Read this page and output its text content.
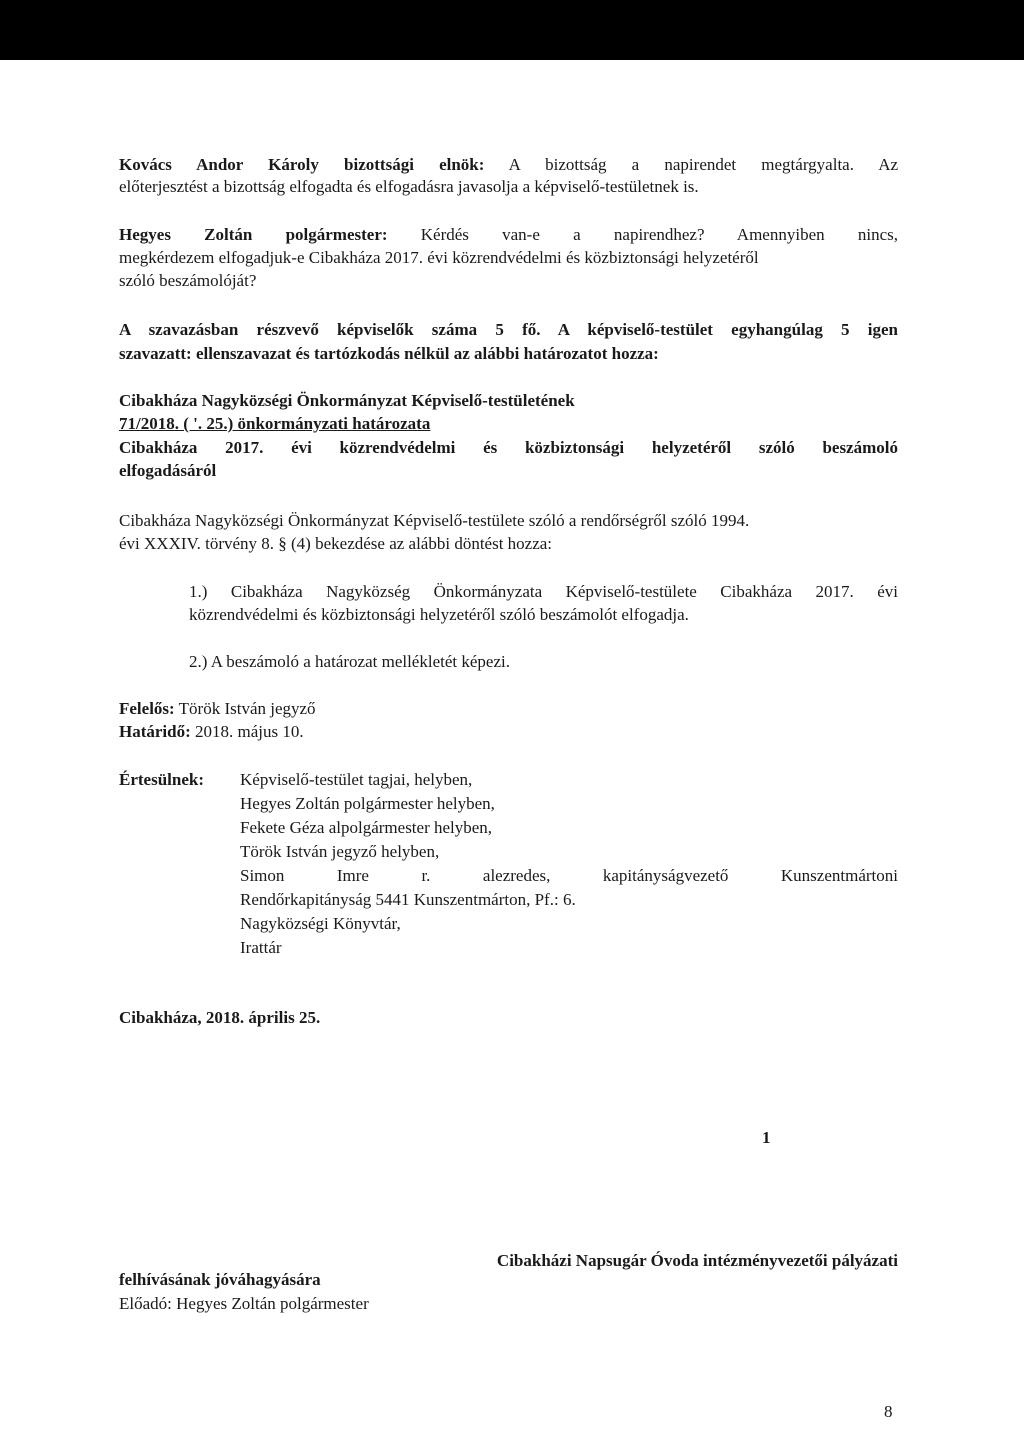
Kovács Andor Károly bizottsági elnök: A bizottság a napirendet megtárgyalta. Az
előterjesztést a bizottság elfogadta és elfogadásra javasolja a képviselő-testületnek is.
Hegyes Zoltán polgármester: Kérdés van-e a napirendhez? Amennyiben nincs,
megkérdezem elfogadjuk-e Cibakháza 2017. évi közrendvédelmi és közbiztonsági helyzetéről
szóló beszámolóját?
A szavazásban részvevő képviselők száma 5 fő. A képviselő-testület egyhangúlag 5 igen
szavazatt: ellenszavazat és tartózkodás nélkül az alábbi határozatot hozza:
Cibakháza Nagyközségi Önkormányzat Képviselő-testületének
71/2018. ( '. 25.) önkormányzati határozata
Cibakháza 2017. évi közrendvédelmi és közbiztonsági helyzetéről szóló beszámoló
elfogadásáról
Cibakháza Nagyközségi Önkormányzat Képviselő-testülete szóló a rendőrségről szóló 1994.
évi XXXIV. törvény 8. § (4) bekezdése az alábbi döntést hozza:
1.) Cibakháza Nagyközség Önkormányzata Képviselő-testülete Cibakháza 2017. évi
közrendvédelmi és közbiztonsági helyzetéről szóló beszámolót elfogadja.
2.) A beszámoló a határozat mellékletét képezi.
Felelős: Török István jegyző
Határidő: 2018. május 10.
Értesülnek: Képviselő-testület tagjai, helyben,
Hegyes Zoltán polgármester helyben,
Fekete Géza alpolgármester helyben,
Török István jegyző helyben,
Simon Imre r. alezredes, kapitányságvezető Kunszentmártoni
Rendőrkapitányság 5441 Kunszentmárton, Pf.: 6.
Nagyközségi Könyvtár,
Irattár
Cibakháza, 2018. április 25.
1
Cibakházi Napsugár Óvoda intézményvezetői pályázati
felhívásának jóváhagyására
Előadó: Hegyes Zoltán polgármester
8
